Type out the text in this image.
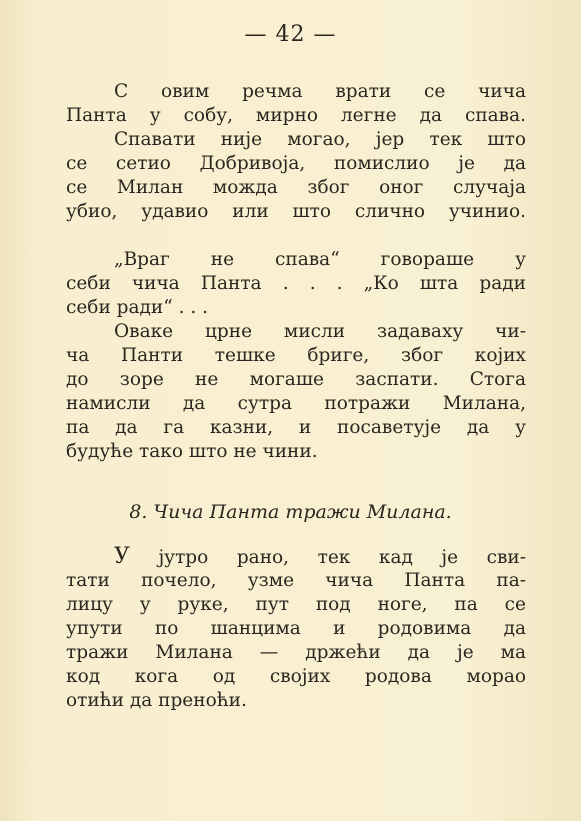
— 42 —
С овим речма врати се чича
Панта у собу, мирно легне да спава.
Спавати није могао, јер тек што
се сетио Добривоја, помислио је да
се Милан можда због оног случаја
убио, удавио или што слично учинио.
„Враг не спава“ говораше у
себи чича Панта . . . „Ко шта ради
себи ради“ . . .
Оваке црне мисли задаваху чи-
ча Панти тешке бриге, због којих
до зоре не могаше заспати. Стога
намисли да сутра потражи Милана,
па да га казни, и посаветује да у
будуће тако што не чини.
8. Чича Панта тражи Милана.
У јутро рано, тек кад је сви-
тати почело, узме чича Панта па-
лицу у руке, пут под ноге, па се
упути по шанцима и родовима да
тражи Милана — држећи да је ма
код кога од својих родова морао
отићи да преноћи.
